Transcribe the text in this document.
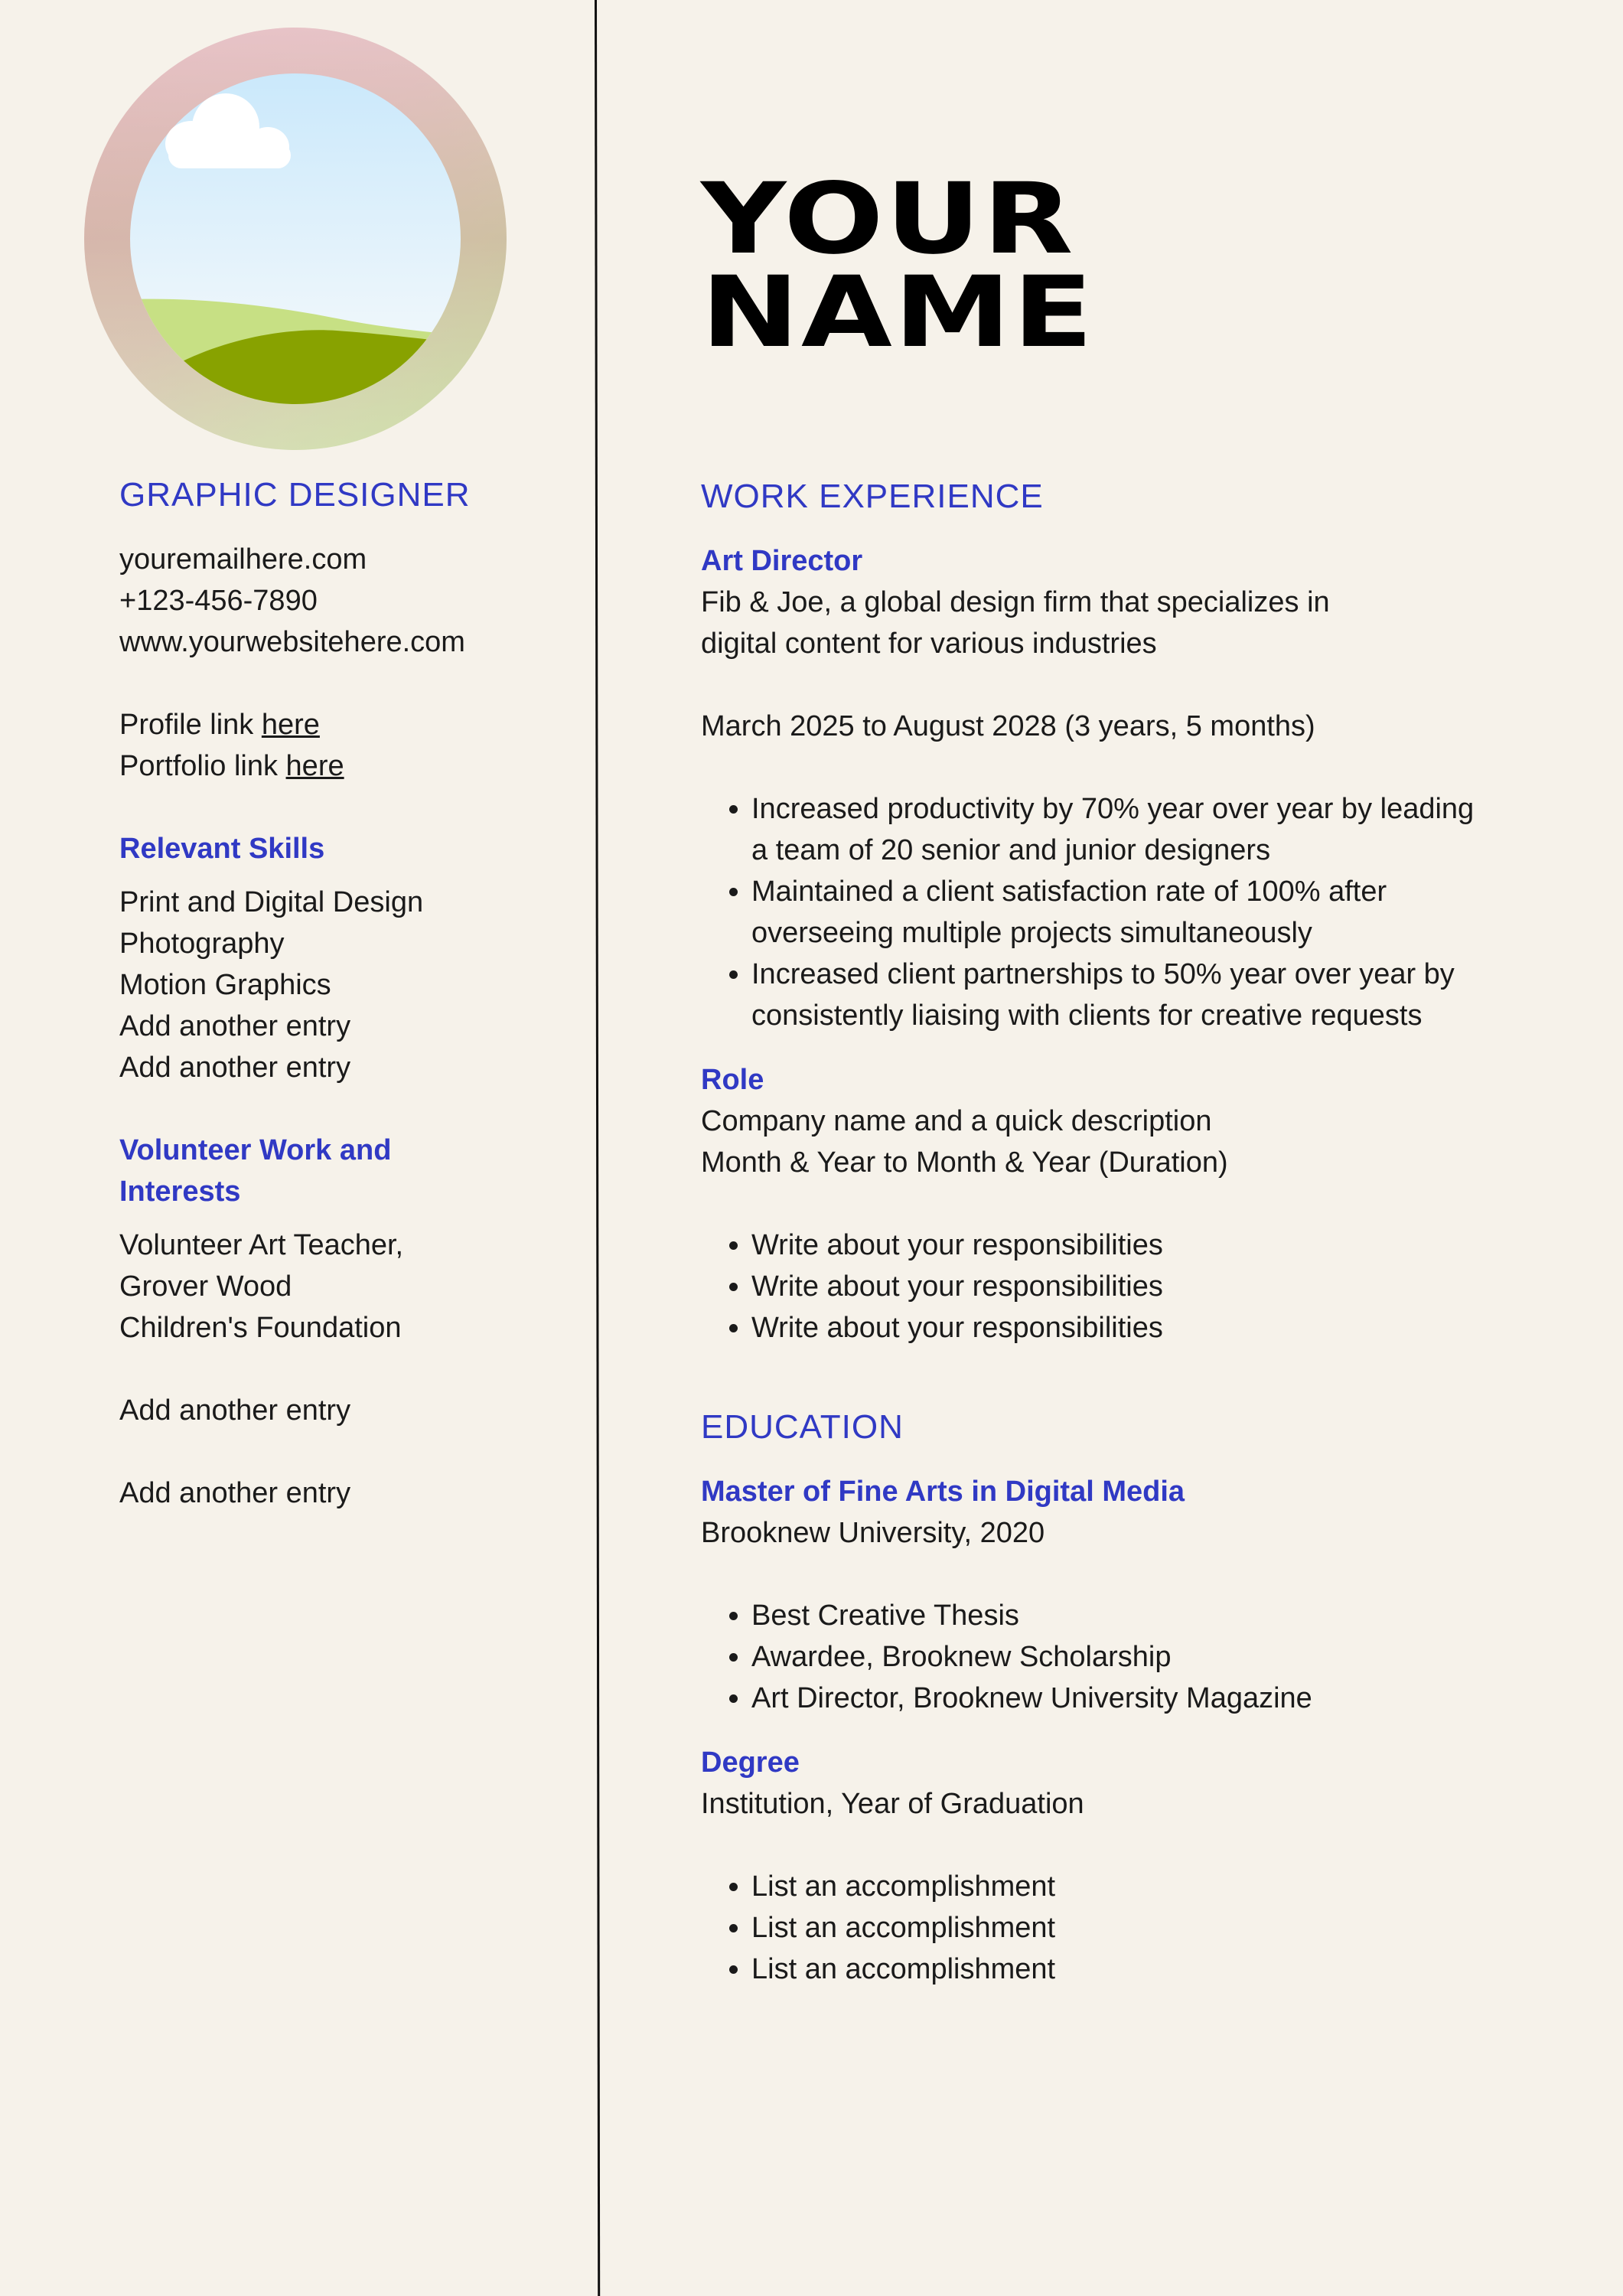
GRAPHIC DESIGNER
youremailhere.com
+123-456-7890
www.yourwebsitehere.com
Profile link here
Portfolio link here
Relevant Skills
Print and Digital Design
Photography
Motion Graphics
Add another entry
Add another entry
Volunteer Work and
Interests
Volunteer Art Teacher,
Grover Wood
Children's Foundation
Add another entry
Add another entry
YOUR
NAME
WORK EXPERIENCE
Art Director
Fib & Joe, a global design firm that specializes in
digital content for various industries
March 2025 to August 2028 (3 years, 5 months)
• Increased productivity by 70% year over year by leading a team of 20 senior and junior designers
• Maintained a client satisfaction rate of 100% after overseeing multiple projects simultaneously
• Increased client partnerships to 50% year over year by consistently liaising with clients for creative requests
Role
Company name and a quick description
Month & Year to Month & Year (Duration)
• Write about your responsibilities
• Write about your responsibilities
• Write about your responsibilities
EDUCATION
Master of Fine Arts in Digital Media
Brooknew University, 2020
• Best Creative Thesis
• Awardee, Brooknew Scholarship
• Art Director, Brooknew University Magazine
Degree
Institution, Year of Graduation
• List an accomplishment
• List an accomplishment
• List an accomplishment
